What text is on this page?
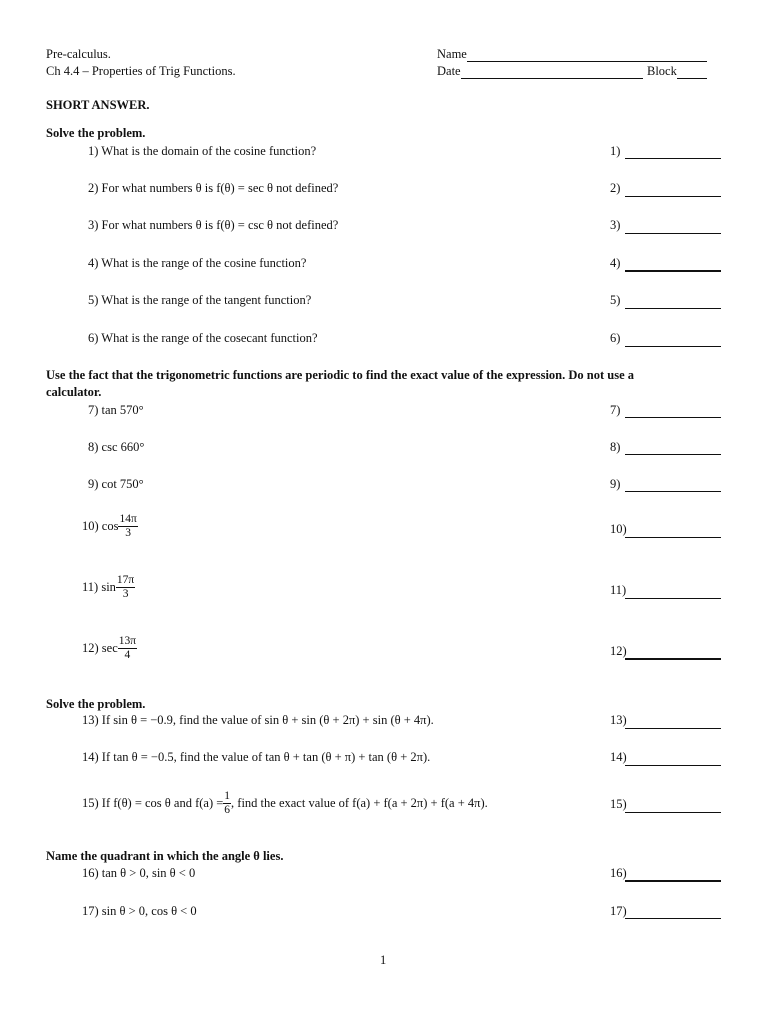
Pre-calculus.
Ch 4.4 – Properties of Trig Functions.
Name
Date	Block
SHORT ANSWER.
Solve the problem.
1) What is the domain of the cosine function?
2) For what numbers θ is f(θ) = sec θ not defined?
3) For what numbers θ is f(θ) = csc θ not defined?
4) What is the range of the cosine function?
5) What is the range of the tangent function?
6) What is the range of the cosecant function?
Use the fact that the trigonometric functions are periodic to find the exact value of the expression. Do not use a
calculator.
7) tan 570°
8) csc 660°
9) cot 750°
10) $\cos \frac{14\pi}{3}$
11) $\sin \frac{17\pi}{3}$
12) $\sec \frac{13\pi}{4}$
Solve the problem.
13) If sin θ = −0.9, find the value of sin θ + sin (θ + 2π) + sin (θ + 4π).
14) If tan θ = −0.5, find the value of tan θ + tan (θ + π) + tan (θ + 2π).
15) If f(θ) = cos θ and $f(a) = \frac{1}{6}$ , find the exact value of f(a) + f(a + 2π) + f(a + 4π).
Name the quadrant in which the angle θ lies.
16) tan θ > 0, sin θ < 0
17) sin θ > 0, cos θ < 0
1)
2)
3)
4)
5)
6)
7)
8)
9)
10)
11)
12)
13)
14)
15)
16)
17)
1
